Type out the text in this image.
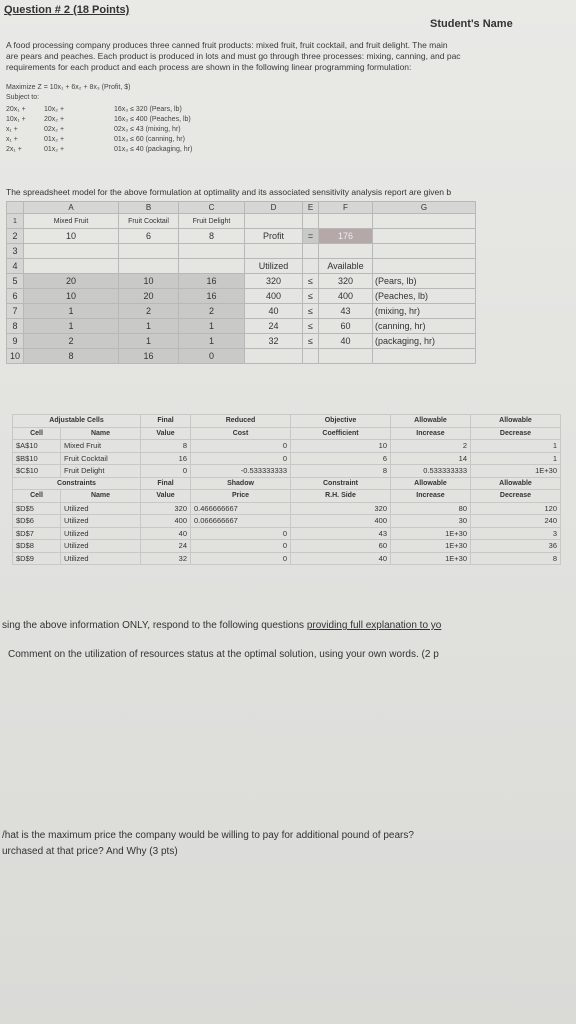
Question # 2 (18 Points)
Student's Name
A food processing company produces three canned fruit products: mixed fruit, fruit cocktail, and fruit delight. The main
are pears and peaches. Each product is produced in lots and must go through three processes: mixing, canning, and pac
requirements for each product and each process are shown in the following linear programming formulation:
Maximize Z = 10x₁ + 6x₂ + 8x₃ (Profit, $)
Subject to:
20x₁ +	10x₂ +	16x₃ ≤ 320 (Pears, lb)
10x₁ +	20x₂ +	16x₃ ≤ 400 (Peaches, lb)
x₁ +	02x₂ +	02x₃ ≤ 43 (mixing, hr)
x₁ +	01x₂ +	01x₃ ≤ 60 (canning, hr)
2x₁ +	01x₂ +	01x₃ ≤ 40 (packaging, hr)
The spreadsheet model for the above formulation at optimality and its associated sensitivity analysis report are given b
	A	B	C	D	E	F	G
1	Mixed Fruit	Fruit Cocktail	Fruit Delight				
2	10	6	8	Profit	=	176	
3							
4				Utilized		Available	
5	20	10	16	320	≤	320	(Pears, lb)
6	10	20	16	400	≤	400	(Peaches, lb)
7	1	2	2	40	≤	43	(mixing, hr)
8	1	1	1	24	≤	60	(canning, hr)
9	2	1	1	32	≤	40	(packaging, hr)
10	8	16	0				
Adjustable Cells		Final	Reduced	Objective	Allowable	Allowable
Cell	Name	Value	Cost	Coefficient	Increase	Decrease
$A$10	Mixed Fruit	8	0	10	2	1
$B$10	Fruit Cocktail	16	0	6	14	1
$C$10	Fruit Delight	0	-0.533333333	8	0.533333333	1E+30
Constraints		Final	Shadow	Constraint	Allowable	Allowable
Cell	Name	Value	Price	R.H. Side	Increase	Decrease
$D$5	Utilized	320	0.466666667	320	80	120
$D$6	Utilized	400	0.066666667	400	30	240
$D$7	Utilized	40	0	43	1E+30	3
$D$8	Utilized	24	0	60	1E+30	36
$D$9	Utilized	32	0	40	1E+30	8
sing the above information ONLY, respond to the following questions providing full explanation to yo
Comment on the utilization of resources status at the optimal solution, using your own words. (2 p
/hat is the maximum price the company would be willing to pay for additional pound of pears?
urchased at that price? And Why (3 pts)
